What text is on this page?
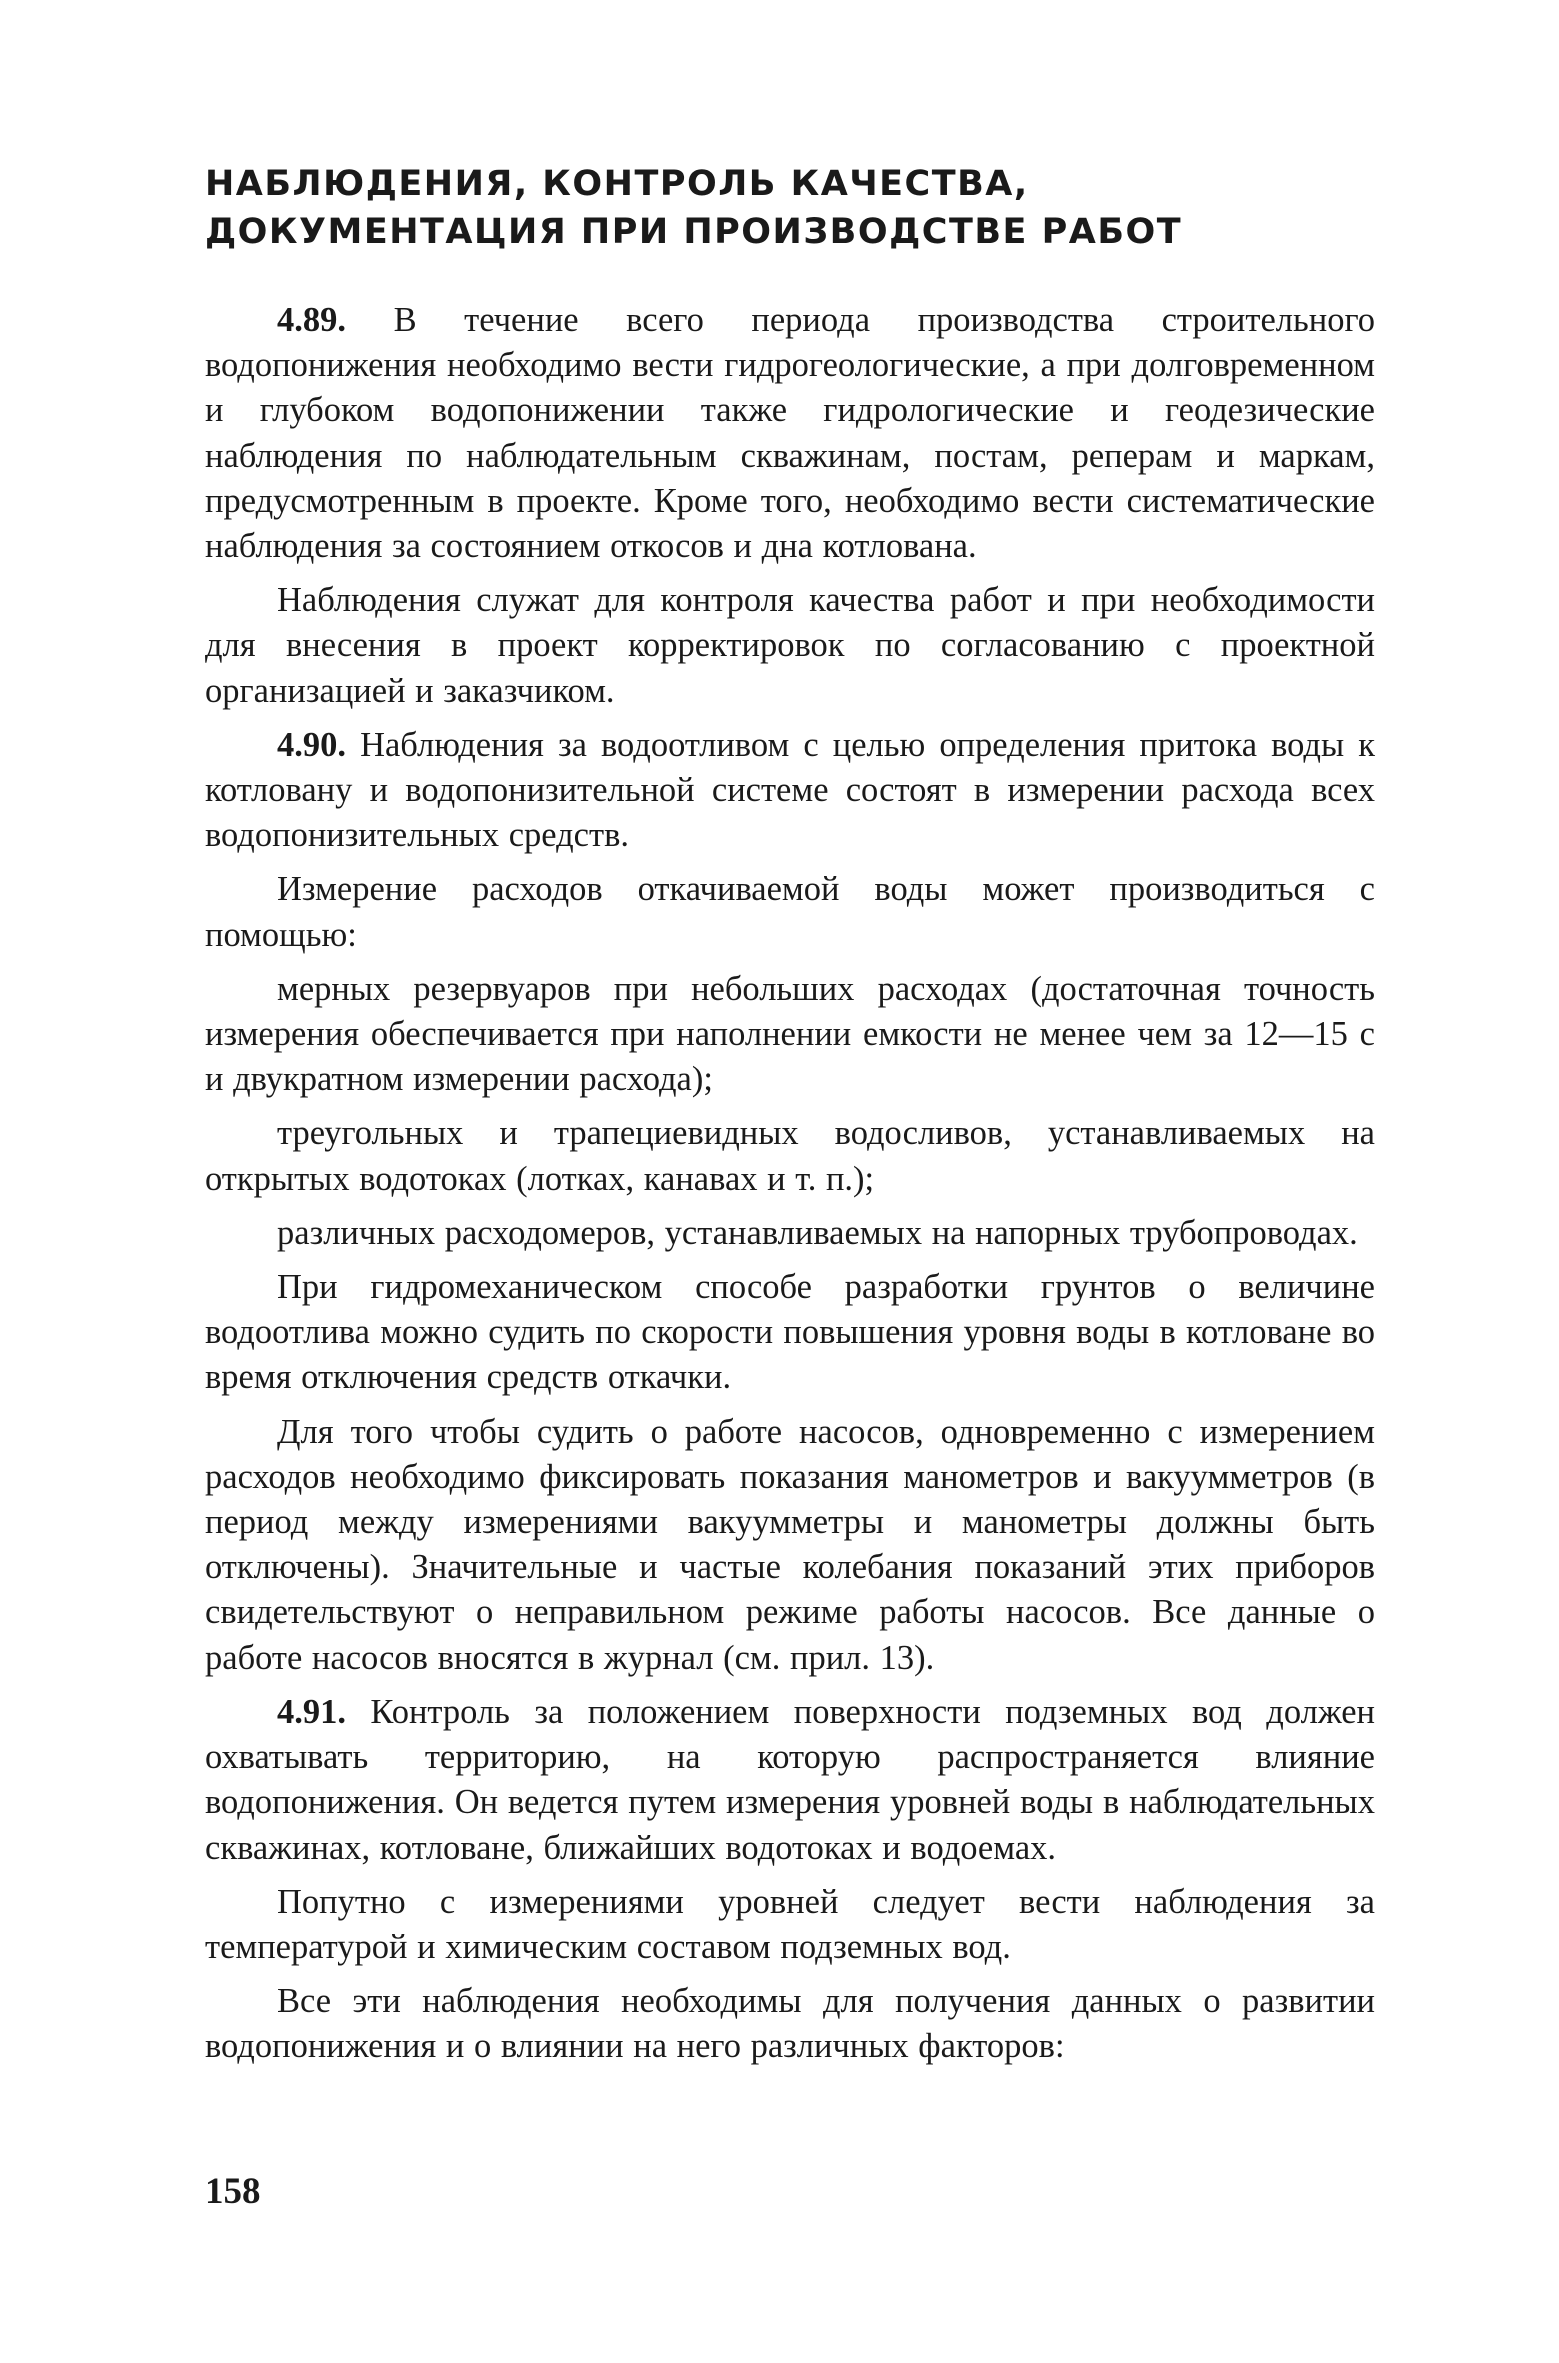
НАБЛЮДЕНИЯ, КОНТРОЛЬ КАЧЕСТВА,
ДОКУМЕНТАЦИЯ ПРИ ПРОИЗВОДСТВЕ РАБОТ

4.89. В течение всего периода производства строительного водопонижения необходимо вести гидрогеологические, а при долговременном и глубоком водопонижении также гидрологические и геодезические наблюдения по наблюдательным скважинам, постам, реперам и маркам, предусмотренным в проекте. Кроме того, необходимо вести систематические наблюдения за состоянием откосов и дна котлована.

Наблюдения служат для контроля качества работ и при необходимости для внесения в проект корректировок по согласованию с проектной организацией и заказчиком.

4.90. Наблюдения за водоотливом с целью определения притока воды к котловану и водопонизительной системе состоят в измерении расхода всех водопонизительных средств.

Измерение расходов откачиваемой воды может производиться с помощью:

мерных резервуаров при небольших расходах (достаточная точность измерения обеспечивается при наполнении емкости не менее чем за 12—15 с и двукратном измерении расхода);

треугольных и трапециевидных водосливов, устанавливаемых на открытых водотоках (лотках, канавах и т. п.);

различных расходомеров, устанавливаемых на напорных трубопроводах.

При гидромеханическом способе разработки грунтов о величине водоотлива можно судить по скорости повышения уровня воды в котловане во время отключения средств откачки.

Для того чтобы судить о работе насосов, одновременно с измерением расходов необходимо фиксировать показания манометров и вакуумметров (в период между измерениями вакуумметры и манометры должны быть отключены). Значительные и частые колебания показаний этих приборов свидетельствуют о неправильном режиме работы насосов. Все данные о работе насосов вносятся в журнал (см. прил. 13).

4.91. Контроль за положением поверхности подземных вод должен охватывать территорию, на которую распространяется влияние водопонижения. Он ведется путем измерения уровней воды в наблюдательных скважинах, котловане, ближайших водотоках и водоемах.

Попутно с измерениями уровней следует вести наблюдения за температурой и химическим составом подземных вод.

Все эти наблюдения необходимы для получения данных о развитии водопонижения и о влиянии на него различных факторов:

158
